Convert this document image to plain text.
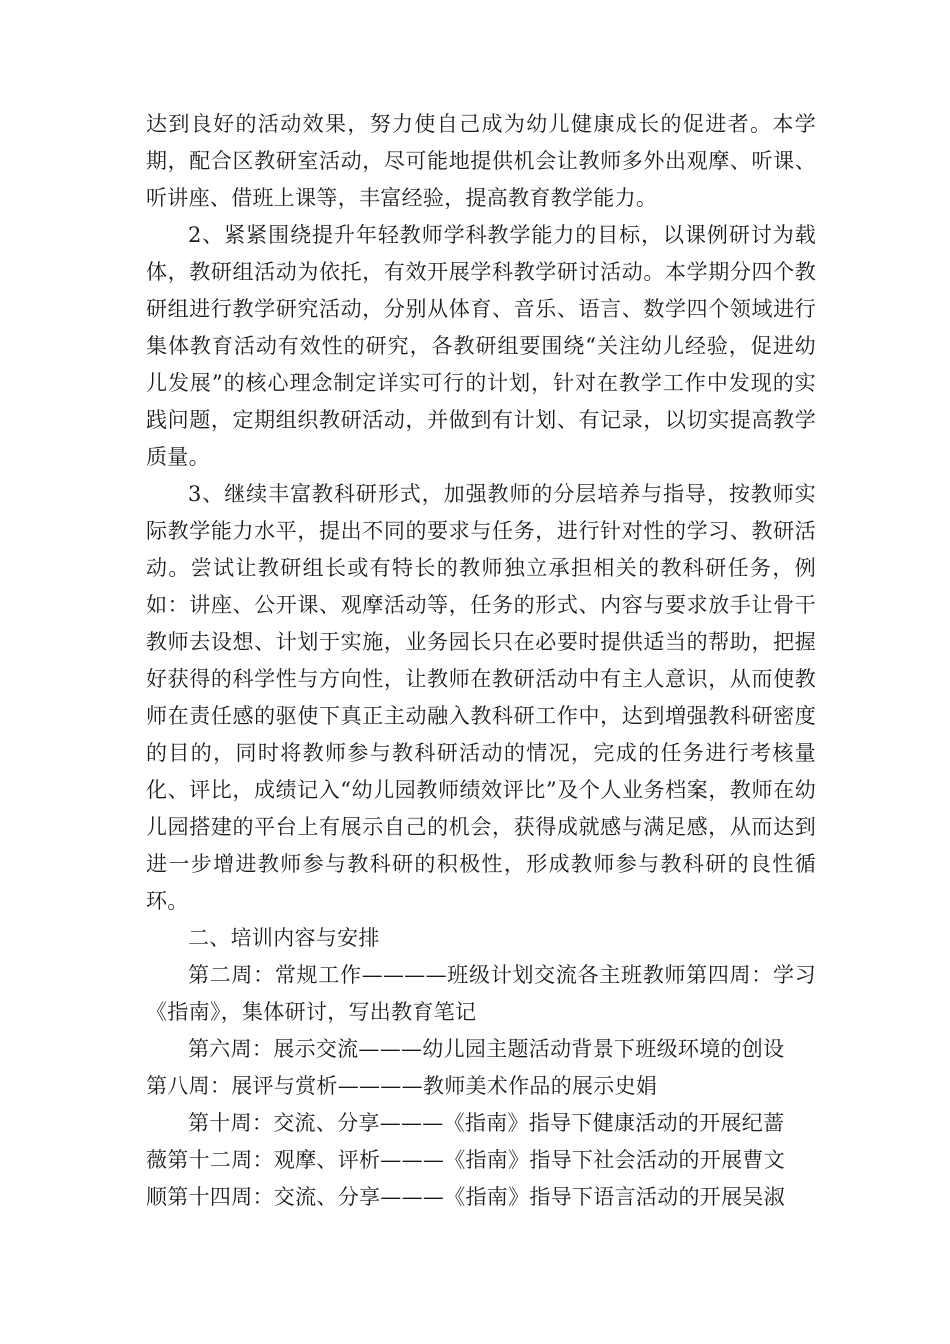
达到良好的活动效果，努力使自己成为幼儿健康成长的促进者。本学期，配合区教研室活动，尽可能地提供机会让教师多外出观摩、听课、听讲座、借班上课等，丰富经验，提高教育教学能力。

2、紧紧围绕提升年轻教师学科教学能力的目标，以课例研讨为载体，教研组活动为依托，有效开展学科教学研讨活动。本学期分四个教研组进行教学研究活动，分别从体育、音乐、语言、数学四个领域进行集体教育活动有效性的研究，各教研组要围绕“关注幼儿经验，促进幼儿发展”的核心理念制定详实可行的计划，针对在教学工作中发现的实践问题，定期组织教研活动，并做到有计划、有记录，以切实提高教学质量。

3、继续丰富教科研形式，加强教师的分层培养与指导，按教师实际教学能力水平，提出不同的要求与任务，进行针对性的学习、教研活动。尝试让教研组长或有特长的教师独立承担相关的教科研任务，例如：讲座、公开课、观摩活动等，任务的形式、内容与要求放手让骨干教师去设想、计划于实施，业务园长只在必要时提供适当的帮助，把握好获得的科学性与方向性，让教师在教研活动中有主人意识，从而使教师在责任感的驱使下真正主动融入教科研工作中，达到増强教科研密度的目的，同时将教师参与教科研活动的情况，完成的任务进行考核量化、评比，成绩记入“幼儿园教师绩效评比”及个人业务档案，教师在幼儿园搭建的平台上有展示自己的机会，获得成就感与满足感，从而达到进一步增进教师参与教科研的积极性，形成教师参与教科研的良性循环。

二、培训内容与安排

第二周：常规工作————班级计划交流各主班教师第四周：学习《指南》，集体研讨，写出教育笔记

第六周：展示交流———幼儿园主题活动背景下班级环境的创设

第八周：展评与赏析————教师美术作品的展示史娟

第十周：交流、分享———《指南》指导下健康活动的开展纪蔷

薇第十二周：观摩、评析———《指南》指导下社会活动的开展曹文

顺第十四周：交流、分享———《指南》指导下语言活动的开展吴淑
